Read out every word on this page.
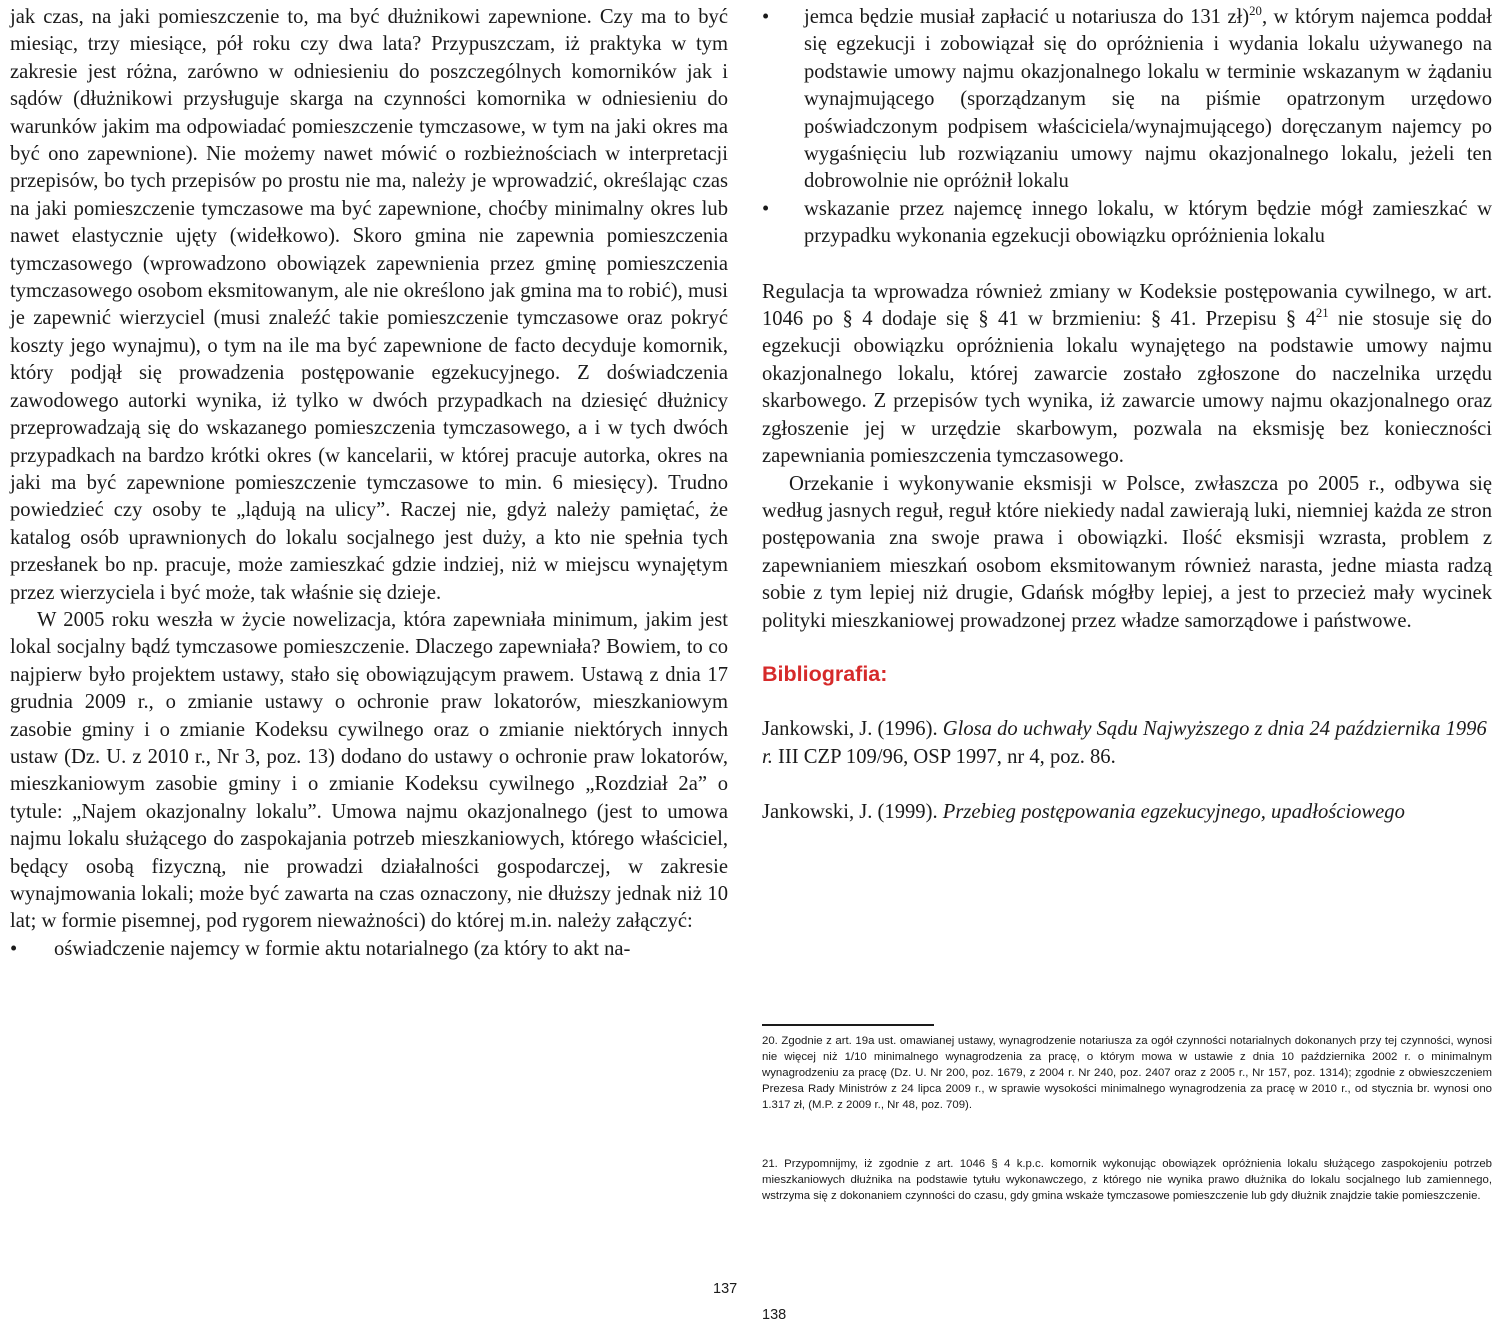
jak czas, na jaki pomieszczenie to, ma być dłużnikowi zapewnione. Czy ma to być miesiąc, trzy miesiące, pół roku czy dwa lata? Przypuszczam, iż praktyka w tym zakresie jest różna, zarówno w odniesieniu do poszczególnych komorników jak i sądów (dłużnikowi przysługuje skarga na czynności komornika w odniesieniu do warunków jakim ma odpowiadać pomieszczenie tymczasowe, w tym na jaki okres ma być ono zapewnione). Nie możemy nawet mówić o rozbieżnościach w interpretacji przepisów, bo tych przepisów po prostu nie ma, należy je wprowadzić, określając czas na jaki pomieszczenie tymczasowe ma być zapewnione, choćby minimalny okres lub nawet elastycznie ujęty (widełkowo). Skoro gmina nie zapewnia pomieszczenia tymczasowego (wprowadzono obowiązek zapewnienia przez gminę pomieszczenia tymczasowego osobom eksmitowanym, ale nie określono jak gmina ma to robić), musi je zapewnić wierzyciel (musi znaleźć takie pomieszczenie tymczasowe oraz pokryć koszty jego wynajmu), o tym na ile ma być zapewnione de facto decyduje komornik, który podjął się prowadzenia postępowanie egzekucyjnego. Z doświadczenia zawodowego autorki wynika, iż tylko w dwóch przypadkach na dziesięć dłużnicy przeprowadzają się do wskazanego pomieszczenia tymczasowego, a i w tych dwóch przypadkach na bardzo krótki okres (w kancelarii, w której pracuje autorka, okres na jaki ma być zapewnione pomieszczenie tymczasowe to min. 6 miesięcy). Trudno powiedzieć czy osoby te „lądują na ulicy”. Raczej nie, gdyż należy pamiętać, że katalog osób uprawnionych do lokalu socjalnego jest duży, a kto nie spełnia tych przesłanek bo np. pracuje, może zamieszkać gdzie indziej, niż w miejscu wynajętym przez wierzyciela i być może, tak właśnie się dzieje.

W 2005 roku weszła w życie nowelizacja, która zapewniała minimum, jakim jest lokal socjalny bądź tymczasowe pomieszczenie. Dlaczego zapewniała? Bowiem, to co najpierw było projektem ustawy, stało się obowiązującym prawem. Ustawą z dnia 17 grudnia 2009 r., o zmianie ustawy o ochronie praw lokatorów, mieszkaniowym zasobie gminy i o zmianie Kodeksu cywilnego oraz o zmianie niektórych innych ustaw (Dz. U. z 2010 r., Nr 3, poz. 13) dodano do ustawy o ochronie praw lokatorów, mieszkaniowym zasobie gminy i o zmianie Kodeksu cywilnego „Rozdział 2a” o tytule: „Najem okazjonalny lokalu”. Umowa najmu okazjonalnego (jest to umowa najmu lokalu służącego do zaspokajania potrzeb mieszkaniowych, którego właściciel, będący osobą fizyczną, nie prowadzi działalności gospodarczej, w zakresie wynajmowania lokali; może być zawarta na czas oznaczony, nie dłuższy jednak niż 10 lat; w formie pisemnej, pod rygorem nieważności) do której m.in. należy załączyć:

• oświadczenie najemcy w formie aktu notarialnego (za który to akt na-
• jemca będzie musiał zapłacić u notariusza do 131 zł)$^{20}$, w którym najemca poddał się egzekucji i zobowiązał się do opróżnienia i wydania lokalu używanego na podstawie umowy najmu okazjonalnego lokalu w terminie wskazanym w żądaniu wynajmującego (sporządzanym się na piśmie opatrzonym urzędowo poświadczonym podpisem właściciela/wynajmującego) doręczanym najemcy po wygaśnięciu lub rozwiązaniu umowy najmu okazjonalnego lokalu, jeżeli ten dobrowolnie nie opróżnił lokalu
• wskazanie przez najemcę innego lokalu, w którym będzie mógł zamieszkać w przypadku wykonania egzekucji obowiązku opróżnienia lokalu

Regulacja ta wprowadza również zmiany w Kodeksie postępowania cywilnego, w art. 1046 po § 4 dodaje się § 41 w brzmieniu: § 41. Przepisu § $4^{21}$ nie stosuje się do egzekucji obowiązku opróżnienia lokalu wynajętego na podstawie umowy najmu okazjonalnego lokalu, której zawarcie zostało zgłoszone do naczelnika urzędu skarbowego. Z przepisów tych wynika, iż zawarcie umowy najmu okazjonalnego oraz zgłoszenie jej w urzędzie skarbowym, pozwala na eksmisję bez konieczności zapewniania pomieszczenia tymczasowego.

Orzekanie i wykonywanie eksmisji w Polsce, zwłaszcza po 2005 r., odbywa się według jasnych reguł, reguł które niekiedy nadal zawierają luki, niemniej każda ze stron postępowania zna swoje prawa i obowiązki. Ilość eksmisji wzrasta, problem z zapewnianiem mieszkań osobom eksmitowanym również narasta, jedne miasta radzą sobie z tym lepiej niż drugie, Gdańsk mógłby lepiej, a jest to przecież mały wycinek polityki mieszkaniowej prowadzonej przez władze samorządowe i państwowe.

Bibliografia:

Jankowski, J. (1996). Glosa do uchwały Sądu Najwyższego z dnia 24 października 1996 r. III CZP 109/96, OSP 1997, nr 4, poz. 86.

Jankowski, J. (1999). Przebieg postępowania egzekucyjnego, upadłościowego

20. Zgodnie z art. 19a ust. omawianej ustawy, wynagrodzenie notariusza za ogół czynności notarialnych dokonanych przy tej czynności, wynosi nie więcej niż 1/10 minimalnego wynagrodzenia za pracę, o którym mowa w ustawie z dnia 10 października 2002 r. o minimalnym wynagrodzeniu za pracę (Dz. U. Nr 200, poz. 1679, z 2004 r. Nr 240, poz. 2407 oraz z 2005 r., Nr 157, poz. 1314); zgodnie z obwieszczeniem Prezesa Rady Ministrów z 24 lipca 2009 r., w sprawie wysokości minimalnego wynagrodzenia za pracę w 2010 r., od stycznia br. wynosi ono 1.317 zł, (M.P. z 2009 r., Nr 48, poz. 709).
21. Przypomnijmy, iż zgodnie z art. 1046 § 4 k.p.c. komornik wykonując obowiązek opróżnienia lokalu służącego zaspokojeniu potrzeb mieszkaniowych dłużnika na podstawie tytułu wykonawczego, z którego nie wynika prawo dłużnika do lokalu socjalnego lub zamiennego, wstrzyma się z dokonaniem czynności do czasu, gdy gmina wskaże tymczasowe pomieszczenie lub gdy dłużnik znajdzie takie pomieszczenie.
137
138
